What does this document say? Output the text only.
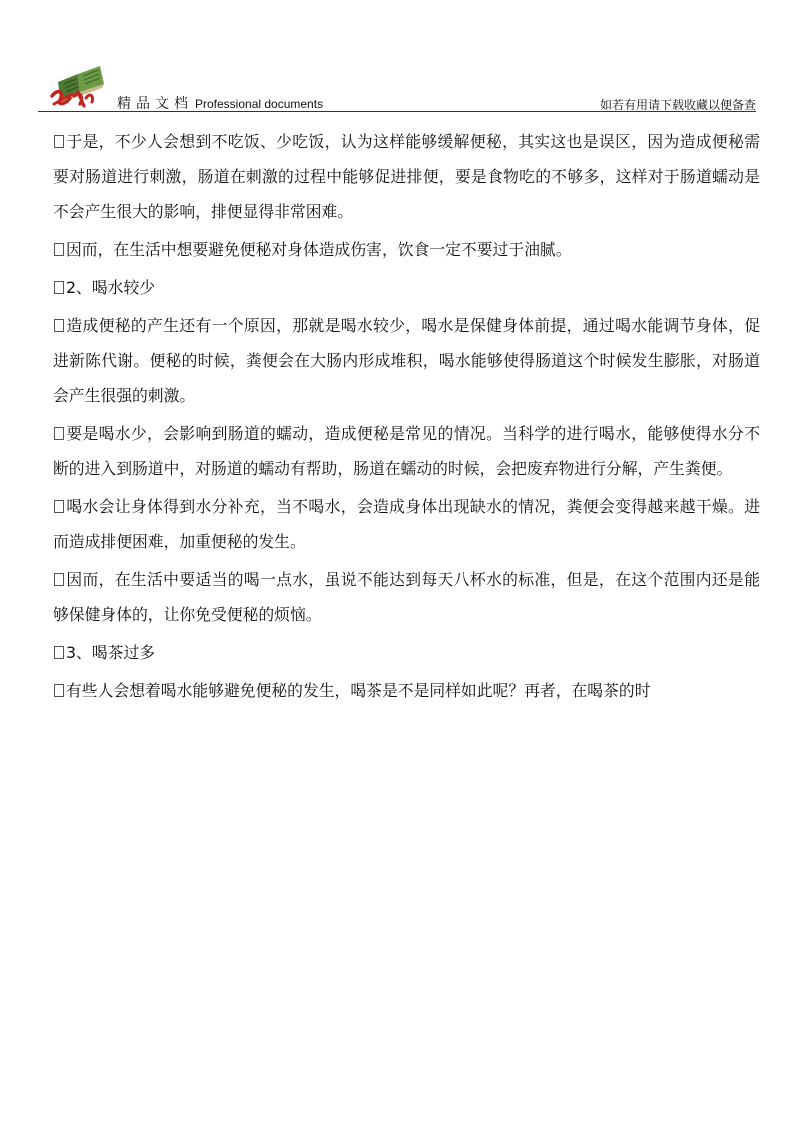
精品文档 Professional documents	如若有用请下载收藏以便备查

于是，不少人会想到不吃饭、少吃饭，认为这样能够缓解便秘，其实这也是误区，因为造成便秘需要对肠道进行刺激，肠道在刺激的过程中能够促进排便，要是食物吃的不够多，这样对于肠道蠕动是不会产生很大的影响，排便显得非常困难。

因而，在生活中想要避免便秘对身体造成伤害，饮食一定不要过于油腻。

2、喝水较少

造成便秘的产生还有一个原因，那就是喝水较少，喝水是保健身体前提，通过喝水能调节身体，促进新陈代谢。便秘的时候，粪便会在大肠内形成堆积，喝水能够使得肠道这个时候发生膨胀，对肠道会产生很强的刺激。

要是喝水少，会影响到肠道的蠕动，造成便秘是常见的情况。当科学的进行喝水，能够使得水分不断的进入到肠道中，对肠道的蠕动有帮助，肠道在蠕动的时候，会把废弃物进行分解，产生粪便。

喝水会让身体得到水分补充，当不喝水，会造成身体出现缺水的情况，粪便会变得越来越干燥。进而造成排便困难，加重便秘的发生。

因而，在生活中要适当的喝一点水，虽说不能达到每天八杯水的标准，但是，在这个范围内还是能够保健身体的，让你免受便秘的烦恼。

3、喝茶过多

有些人会想着喝水能够避免便秘的发生，喝茶是不是同样如此呢？再者，在喝茶的时
